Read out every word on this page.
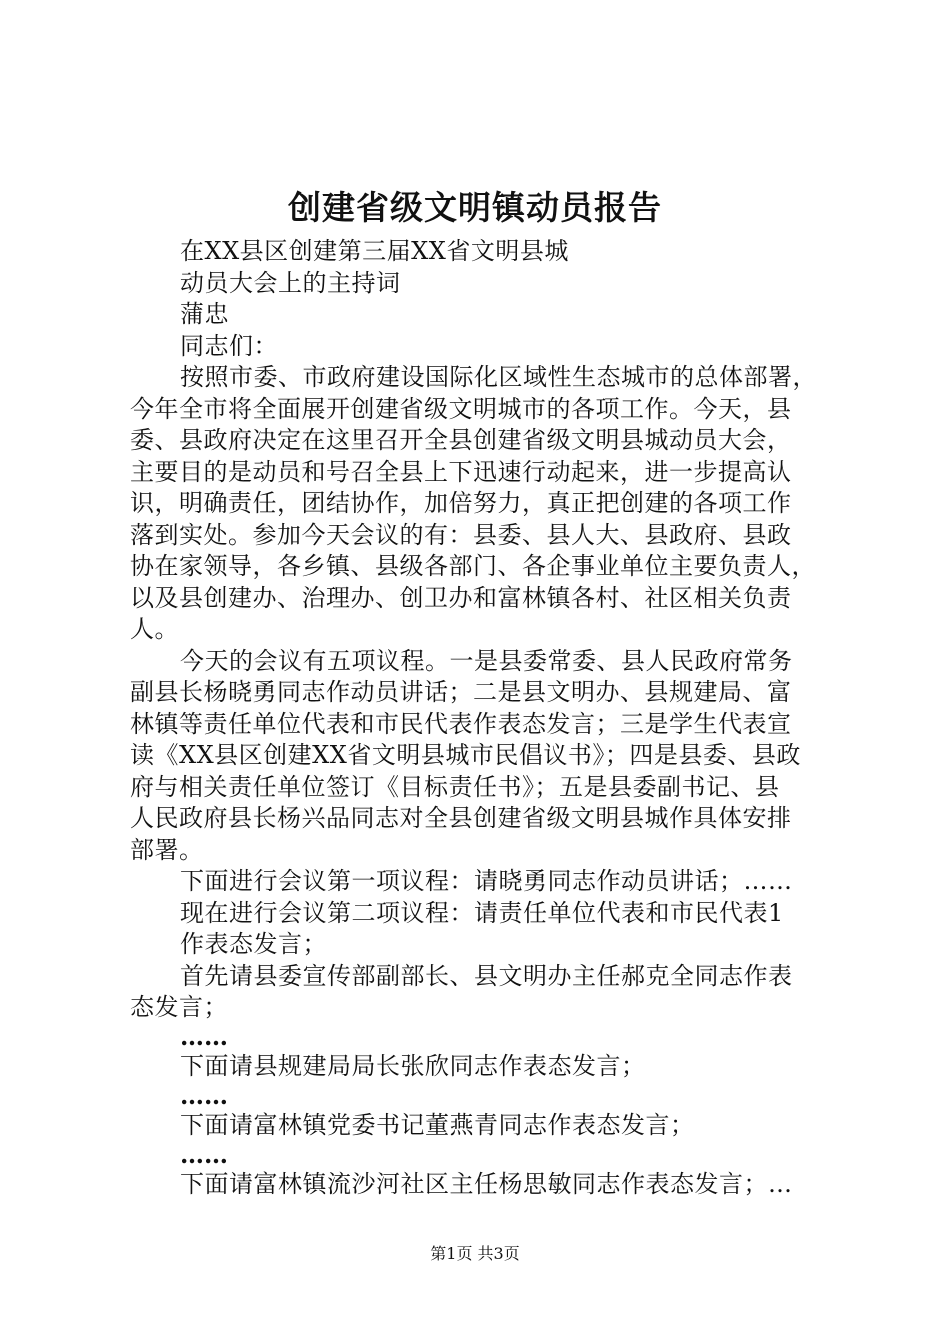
创建省级文明镇动员报告
在XX县区创建第三届XX省文明县城
动员大会上的主持词
蒲忠
同志们：
按照市委、市政府建设国际化区域性生态城市的总体部署，
今年全市将全面展开创建省级文明城市的各项工作。今天，县
委、县政府决定在这里召开全县创建省级文明县城动员大会，
主要目的是动员和号召全县上下迅速行动起来，进一步提高认
识，明确责任，团结协作，加倍努力，真正把创建的各项工作
落到实处。参加今天会议的有：县委、县人大、县政府、县政
协在家领导，各乡镇、县级各部门、各企事业单位主要负责人，
以及县创建办、治理办、创卫办和富林镇各村、社区相关负责
人。
今天的会议有五项议程。一是县委常委、县人民政府常务
副县长杨晓勇同志作动员讲话；二是县文明办、县规建局、富
林镇等责任单位代表和市民代表作表态发言；三是学生代表宣
读《XX县区创建XX省文明县城市民倡议书》；四是县委、县政
府与相关责任单位签订《目标责任书》；五是县委副书记、县
人民政府县长杨兴品同志对全县创建省级文明县城作具体安排
部署。
下面进行会议第一项议程：请晓勇同志作动员讲话；……
现在进行会议第二项议程：请责任单位代表和市民代表1
作表态发言；
首先请县委宣传部副部长、县文明办主任郝克全同志作表
态发言；
……
下面请县规建局局长张欣同志作表态发言；
……
下面请富林镇党委书记董燕青同志作表态发言；
……
下面请富林镇流沙河社区主任杨思敏同志作表态发言；…
第1页 共3页
